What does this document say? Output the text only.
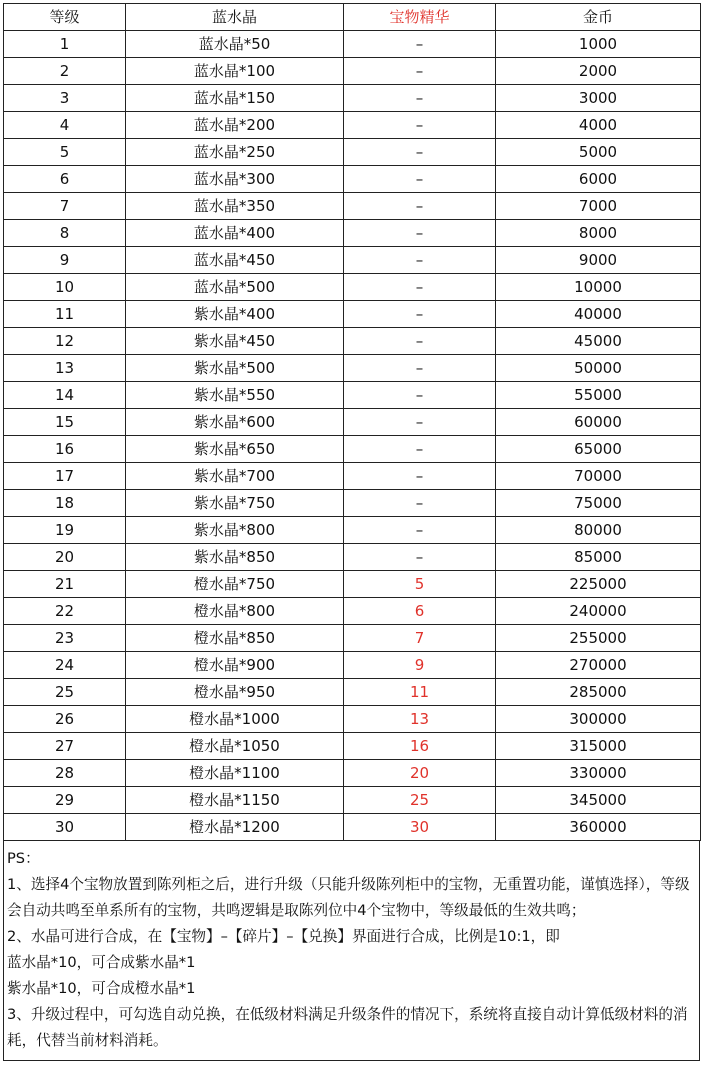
等级	蓝水晶	宝物精华	金币
1	蓝水晶*50	–	1000
2	蓝水晶*100	–	2000
3	蓝水晶*150	–	3000
4	蓝水晶*200	–	4000
5	蓝水晶*250	–	5000
6	蓝水晶*300	–	6000
7	蓝水晶*350	–	7000
8	蓝水晶*400	–	8000
9	蓝水晶*450	–	9000
10	蓝水晶*500	–	10000
11	紫水晶*400	–	40000
12	紫水晶*450	–	45000
13	紫水晶*500	–	50000
14	紫水晶*550	–	55000
15	紫水晶*600	–	60000
16	紫水晶*650	–	65000
17	紫水晶*700	–	70000
18	紫水晶*750	–	75000
19	紫水晶*800	–	80000
20	紫水晶*850	–	85000
21	橙水晶*750	5	225000
22	橙水晶*800	6	240000
23	橙水晶*850	7	255000
24	橙水晶*900	9	270000
25	橙水晶*950	11	285000
26	橙水晶*1000	13	300000
27	橙水晶*1050	16	315000
28	橙水晶*1100	20	330000
29	橙水晶*1150	25	345000
30	橙水晶*1200	30	360000

PS：

1、选择4个宝物放置到陈列柜之后，进行升级（只能升级陈列柜中的宝物，无重置功能，谨慎选择），等级会自动共鸣至单系所有的宝物，共鸣逻辑是取陈列位中4个宝物中，等级最低的生效共鸣；

2、水晶可进行合成，在【宝物】–【碎片】–【兑换】界面进行合成，比例是10:1，即

蓝水晶*10，可合成紫水晶*1

紫水晶*10，可合成橙水晶*1

3、升级过程中，可勾选自动兑换，在低级材料满足升级条件的情况下，系统将直接自动计算低级材料的消耗，代替当前材料消耗。
